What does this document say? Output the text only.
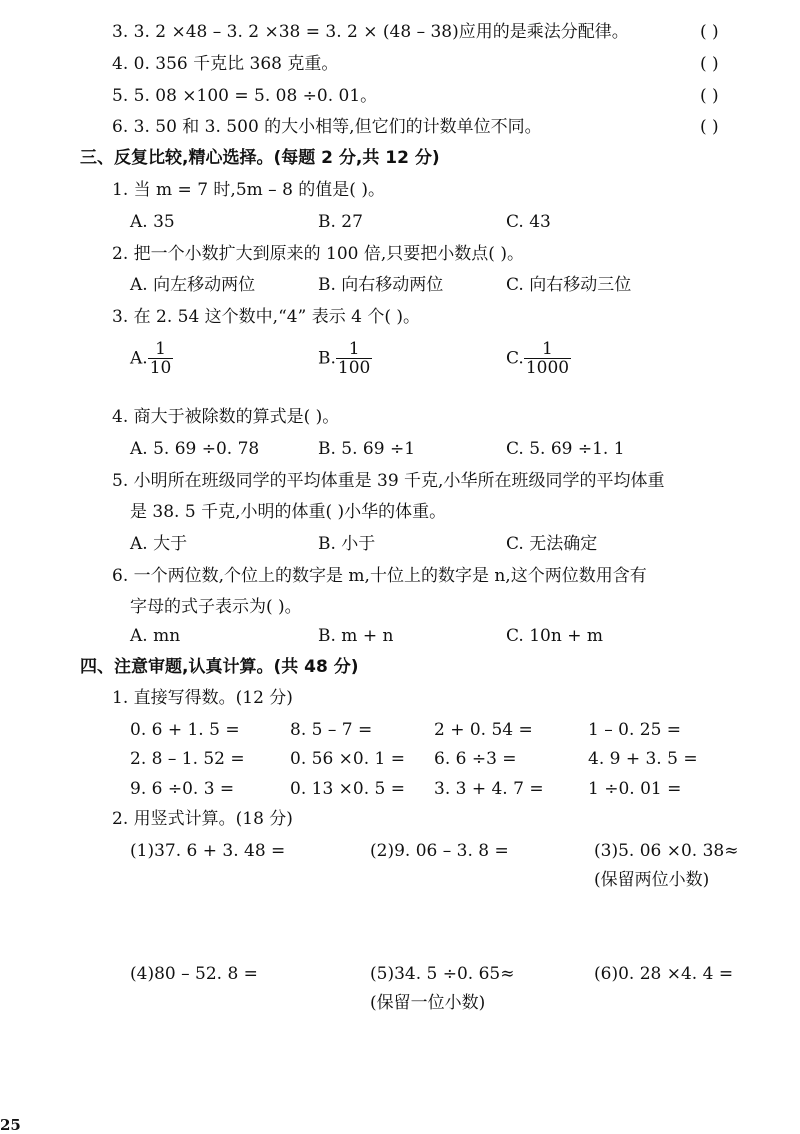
3. 3. 2 ×48 – 3. 2 ×38 = 3. 2 × (48 – 38)应用的是乘法分配律。	( )
4. 0. 356 千克比 368 克重。	( )
5. 5. 08 ×100 = 5. 08 ÷0. 01。	( )
6. 3. 50 和 3. 500 的大小相等,但它们的计数单位不同。	( )
三、反复比较,精心选择。(每题 2 分,共 12 分)
1. 当 m = 7 时,5m – 8 的值是( )。
A. 35	B. 27	C. 43
2. 把一个小数扩大到原来的 100 倍,只要把小数点( )。
A. 向左移动两位	B. 向右移动两位	C. 向右移动三位
3. 在 2. 54 这个数中,“4” 表示 4 个( )。
A. $\frac{1}{10}$	B. $\frac{1}{100}$	C. $\frac{1}{1000}$
4. 商大于被除数的算式是( )。
A. 5. 69 ÷0. 78	B. 5. 69 ÷1	C. 5. 69 ÷1. 1
5. 小明所在班级同学的平均体重是 39 千克,小华所在班级同学的平均体重
是 38. 5 千克,小明的体重( )小华的体重。
A. 大于	B. 小于	C. 无法确定
6. 一个两位数,个位上的数字是 m,十位上的数字是 n,这个两位数用含有
字母的式子表示为( )。
A. mn	B. m + n	C. 10n + m
四、注意审题,认真计算。(共 48 分)
1. 直接写得数。(12 分)
0. 6 + 1. 5 =	8. 5 – 7 =	2 + 0. 54 =	1 – 0. 25 =
2. 8 – 1. 52 =	0. 56 ×0. 1 = 6. 6 ÷3 =	4. 9 + 3. 5 =
9. 6 ÷0. 3 =	0. 13 ×0. 5 = 3. 3 + 4. 7 =	1 ÷0. 01 =
2. 用竖式计算。(18 分)
(1)37. 6 + 3. 48 =	(2)9. 06 – 3. 8 =	(3)5. 06 ×0. 38≈
(保留两位小数)
(4)80 – 52. 8 =	(5)34. 5 ÷0. 65≈
(保留一位小数)
(6)0. 28 ×4. 4 =
25
